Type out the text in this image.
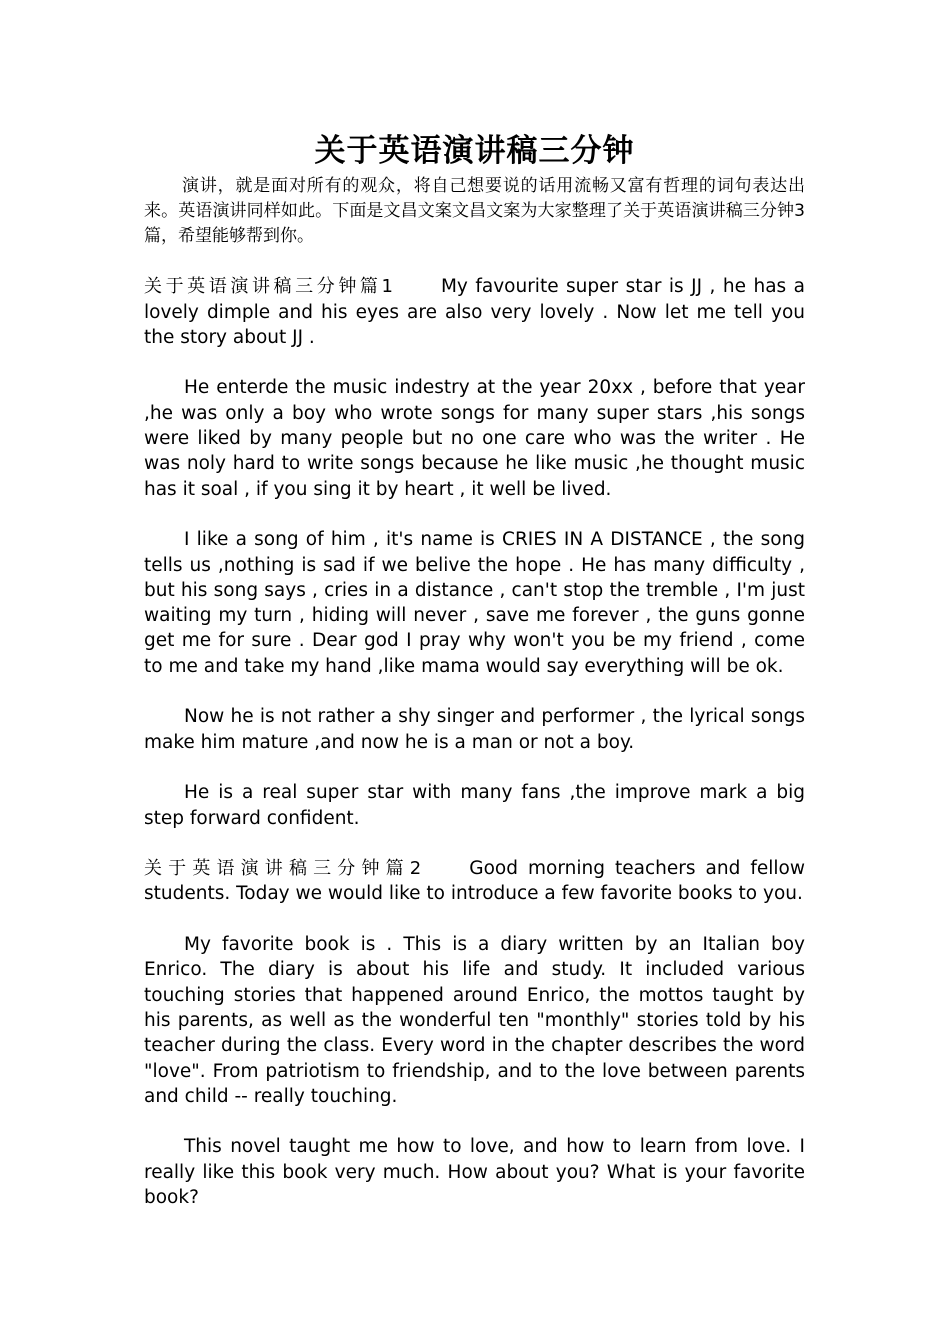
关于英语演讲稿三分钟

演讲，就是面对所有的观众，将自己想要说的话用流畅又富有哲理的词句表达出来。英语演讲同样如此。下面是文昌文案文昌文案为大家整理了关于英语演讲稿三分钟3篇，希望能够帮到你。

关于英语演讲稿三分钟篇1 My favourite super star is JJ , he has a lovely dimple and his eyes are also very lovely . Now let me tell you the story about JJ .

He enterde the music indestry at the year 20xx , before that year ,he was only a boy who wrote songs for many super stars ,his songs were liked by many people but no one care who was the writer . He was noly hard to write songs because he like music ,he thought music has it soal , if you sing it by heart , it well be lived.

I like a song of him , it's name is CRIES IN A DISTANCE , the song tells us ,nothing is sad if we belive the hope . He has many difficulty , but his song says , cries in a distance , can't stop the tremble , I'm just waiting my turn , hiding will never , save me forever , the guns gonne get me for sure . Dear god I pray why won't you be my friend , come to me and take my hand ,like mama would say everything will be ok.

Now he is not rather a shy singer and performer , the lyrical songs make him mature ,and now he is a man or not a boy.

He is a real super star with many fans ,the improve mark a big step forward confident.

关于英语演讲稿三分钟篇2 Good morning teachers and fellow students. Today we would like to introduce a few favorite books to you.

My favorite book is . This is a diary written by an Italian boy Enrico. The diary is about his life and study. It included various touching stories that happened around Enrico, the mottos taught by his parents, as well as the wonderful ten "monthly" stories told by his teacher during the class. Every word in the chapter describes the word "love". From patriotism to friendship, and to the love between parents and child -- really touching.

This novel taught me how to love, and how to learn from love. I really like this book very much. How about you? What is your favorite book?
